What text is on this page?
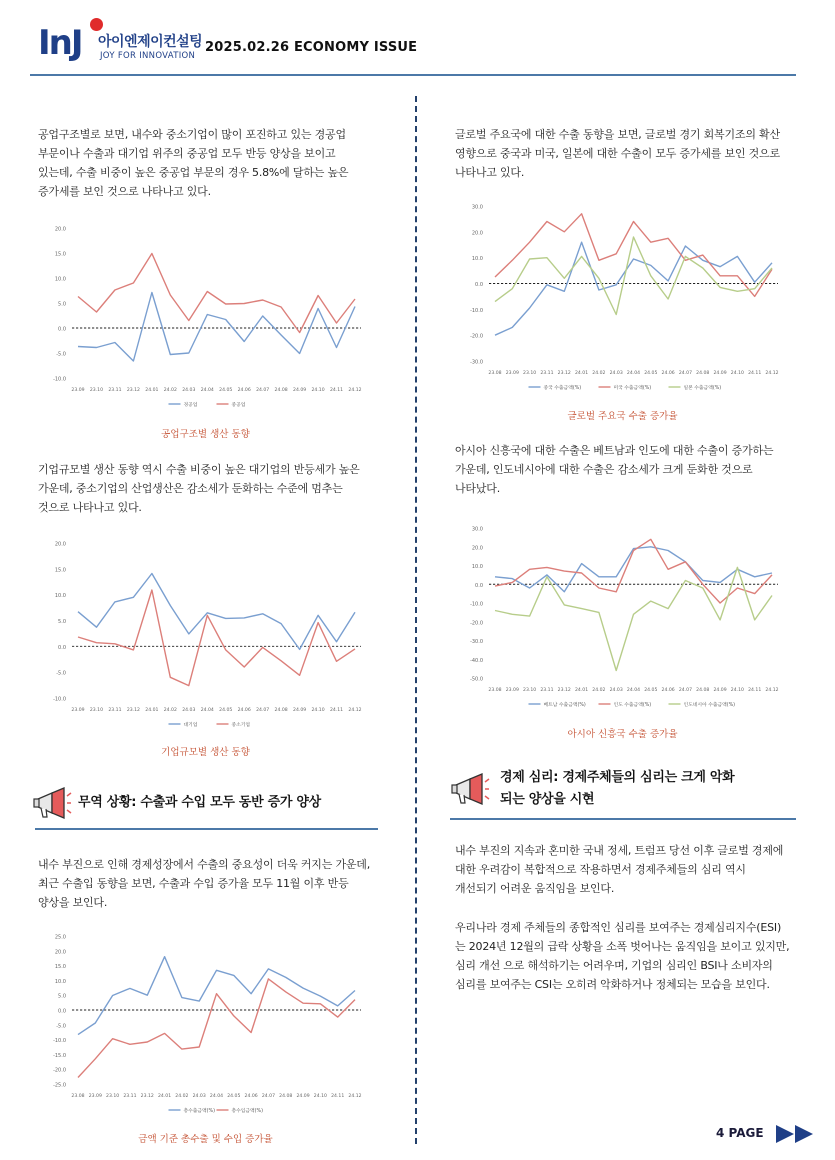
InJ 아이엔제이컨설팅
JOY FOR INNOVATION
2025.02.26 ECONOMY ISSUE
공업구조별로 보면, 내수와 중소기업이 많이 포진하고 있는 경공업 부문이나 수출과 대기업 위주의 중공업 모두 반등 양상을 보이고 있는데, 수출 비중이 높은 중공업 부문의 경우 5.8%에 달하는 높은 증가세를 보인 것으로 나타나고 있다.
20.0
15.0
10.0
5.0
0.0
-5.0
-10.0
23.09 23.10 23.11 23.12 24.01 24.02 24.03 24.04 24.05 24.06 24.07 24.08 24.09 24.10 24.11 24.12
경공업	중공업
공업구조별 생산 동향
기업규모별 생산 동향 역시 수출 비중이 높은 대기업의 반등세가 높은 가운데, 중소기업의 산업생산은 감소세가 둔화하는 수준에 멈추는 것으로 나타나고 있다.
20.0
15.0
10.0
5.0
0.0
-5.0
-10.0
23.09 23.10 23.11 23.12 24.01 24.02 24.03 24.04 24.05 24.06 24.07 24.08 24.09 24.10 24.11 24.12
대기업	중소기업
기업규모별 생산 동향
무역 상황: 수출과 수입 모두 동반 증가 양상
내수 부진으로 인해 경제성장에서 수출의 중요성이 더욱 커지는 가운데, 최근 수출입 동향을 보면, 수출과 수입 증가율 모두 11월 이후 반등 양상을 보인다.
25.0
20.0
15.0
10.0
5.0
0.0
-5.0
-10.0
-15.0
-20.0
-25.0
23.08 23.09 23.10 23.11 23.12 24.01 24.02 24.03 24.04 24.05 24.06 24.07 24.08 24.09 24.10 24.11 24.12
총수출금액(%)	총수입금액(%)
금액 기준 총수출 및 수입 증가율
글로벌 주요국에 대한 수출 동향을 보면, 글로벌 경기 회복기조의 확산 영향으로 중국과 미국, 일본에 대한 수출이 모두 증가세를 보인 것으로 나타나고 있다.
30.0
20.0
10.0
0.0
-10.0
-20.0
-30.0
23.08 23.09 23.10 23.11 23.12 24.01 24.02 24.03 24.04 24.05 24.06 24.07 24.08 24.09 24.10 24.11 24.12
중국 수출금액(%)	미국 수출금액(%)	일본 수출금액(%)
글로벌 주요국 수출 증가율
아시아 신흥국에 대한 수출은 베트남과 인도에 대한 수출이 증가하는 가운데, 인도네시아에 대한 수출은 감소세가 크게 둔화한 것으로 나타났다.
30.0
20.0
10.0
0.0
-10.0
-20.0
-30.0
-40.0
-50.0
23.08 23.09 23.10 23.11 23.12 24.01 24.02 24.03 24.04 24.05 24.06 24.07 24.08 24.09 24.10 24.11 24.12
베트남 수출금액(%)	인도 수출금액(%)	인도네시아 수출금액(%)
아시아 신흥국 수출 증가율
경제 심리: 경제주체들의 심리는 크게 악화
되는 양상을 시현
내수 부진의 지속과 혼미한 국내 정세, 트럼프 당선 이후 글로벌 경제에 대한 우려감이 복합적으로 작용하면서 경제주체들의 심리 역시 개선되기 어려운 움직임을 보인다.
우리나라 경제 주체들의 종합적인 심리를 보여주는 경제심리지수(ESI)는 2024년 12월의 급락 상황을 소폭 벗어나는 움직임을 보이고 있지만, 심리 개선 으로 해석하기는 어려우며, 기업의 심리인 BSI나 소비자의 심리를 보여주는 CSI는 오히려 악화하거나 정체되는 모습을 보인다.
4 PAGE
